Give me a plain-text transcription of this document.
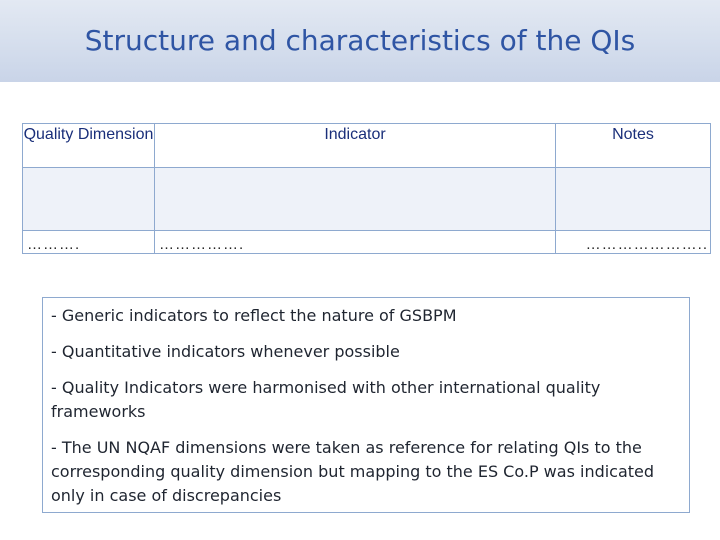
Structure and characteristics of the QIs
Quality Dimension	Indicator	Notes

……….	…………….	…………………..

- Generic indicators to reflect the nature of GSBPM

- Quantitative indicators whenever possible

- Quality Indicators were harmonised with other international quality frameworks

- The UN NQAF dimensions were taken as reference for relating QIs to the corresponding quality dimension but mapping to the ES Co.P was indicated only in case of discrepancies
